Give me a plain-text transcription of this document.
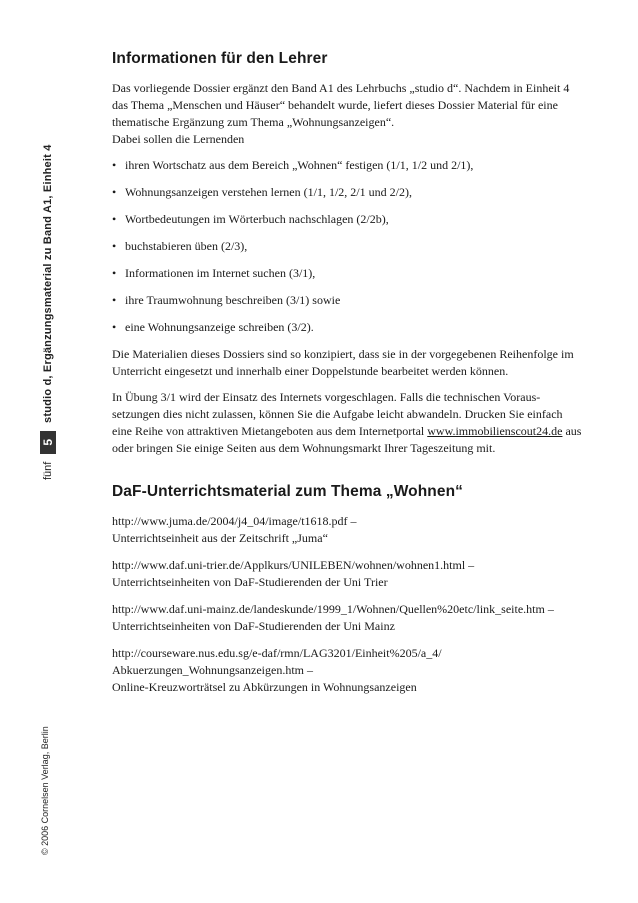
fünf
5
studio d, Ergänzungsmaterial zu Band A1, Einheit 4
© 2006 Cornelsen Verlag, Berlin
Informationen für den Lehrer

Das vorliegende Dossier ergänzt den Band A1 des Lehrbuchs „studio d“. Nachdem in Einheit 4 das Thema „Menschen und Häuser“ behandelt wurde, liefert dieses Dossier Material für eine thematische Ergänzung zum Thema „Wohnungsanzeigen“.
Dabei sollen die Lernenden

• ihren Wortschatz aus dem Bereich „Wohnen“ festigen (1/1, 1/2 und 2/1),
• Wohnungsanzeigen verstehen lernen (1/1, 1/2, 2/1 und 2/2),
• Wortbedeutungen im Wörterbuch nachschlagen (2/2b),
• buchstabieren üben (2/3),
• Informationen im Internet suchen (3/1),
• ihre Traumwohnung beschreiben (3/1) sowie
• eine Wohnungsanzeige schreiben (3/2).

Die Materialien dieses Dossiers sind so konzipiert, dass sie in der vorgegebenen Reihenfolge im Unterricht eingesetzt und innerhalb einer Doppelstunde bearbeitet werden können.

In Übung 3/1 wird der Einsatz des Internets vorgeschlagen. Falls die technischen Voraus-setzungen dies nicht zulassen, können Sie die Aufgabe leicht abwandeln. Drucken Sie einfach eine Reihe von attraktiven Mietangeboten aus dem Internetportal www.immobilienscout24.de aus oder bringen Sie einige Seiten aus dem Wohnungsmarkt Ihrer Tageszeitung mit.

DaF-Unterrichtsmaterial zum Thema „Wohnen“

http://www.juma.de/2004/j4_04/image/t1618.pdf –
Unterrichtseinheit aus der Zeitschrift „Juma“

http://www.daf.uni-trier.de/Applkurs/UNILEBEN/wohnen/wohnen1.html –
Unterrichtseinheiten von DaF-Studierenden der Uni Trier

http://www.daf.uni-mainz.de/landeskunde/1999_1/Wohnen/Quellen%20etc/link_seite.htm –
Unterrichtseinheiten von DaF-Studierenden der Uni Mainz

http://courseware.nus.edu.sg/e-daf/rmn/LAG3201/Einheit%205/a_4/ Abkuerzungen_Wohnungsanzeigen.htm –
Online-Kreuzworträtsel zu Abkürzungen in Wohnungsanzeigen
